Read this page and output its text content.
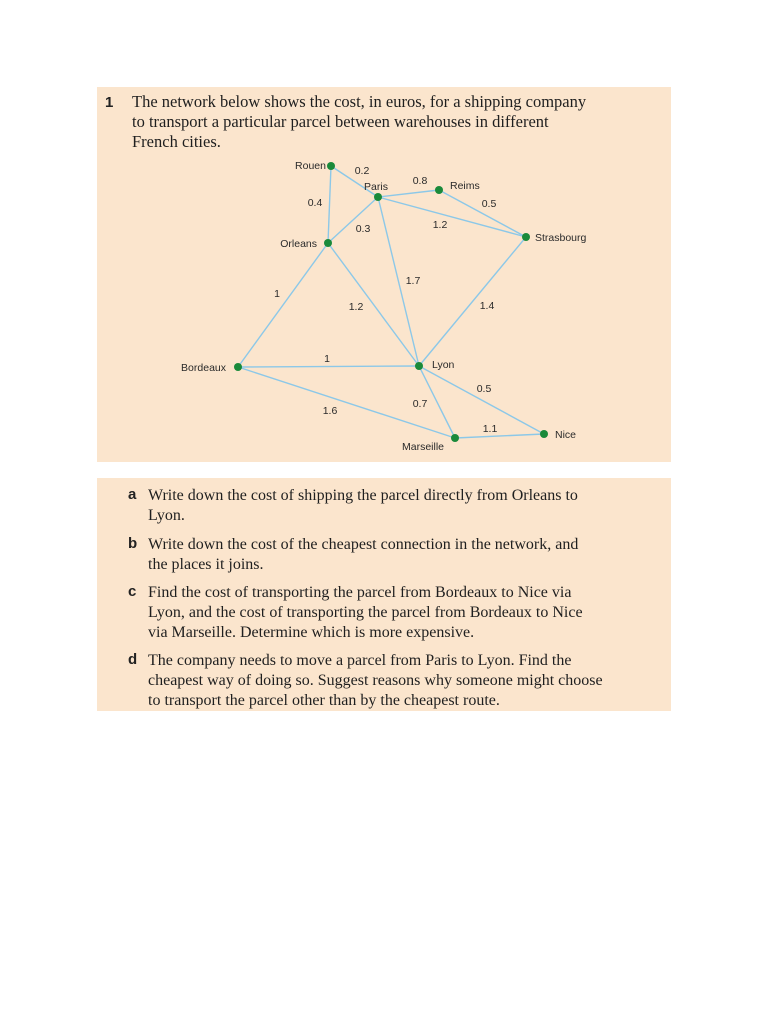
1 The network below shows the cost, in euros, for a shipping company
to transport a particular parcel between warehouses in different
French cities.
0.2
0.4
0.8
0.5
1.2
0.3
1.7
1
1.2	1.4
1
1.6
0.7
0.5
1.1
Rouen
Paris	Reims
Orleans	Strasbourg
Bordeaux	Lyon
Marseille
Nice
a Write down the cost of shipping the parcel directly from Orleans to
Lyon.
b Write down the cost of the cheapest connection in the network, and
the places it joins.
c Find the cost of transporting the parcel from Bordeaux to Nice via
Lyon, and the cost of transporting the parcel from Bordeaux to Nice
via Marseille. Determine which is more expensive.
d The company needs to move a parcel from Paris to Lyon. Find the
cheapest way of doing so. Suggest reasons why someone might choose
to transport the parcel other than by the cheapest route.
